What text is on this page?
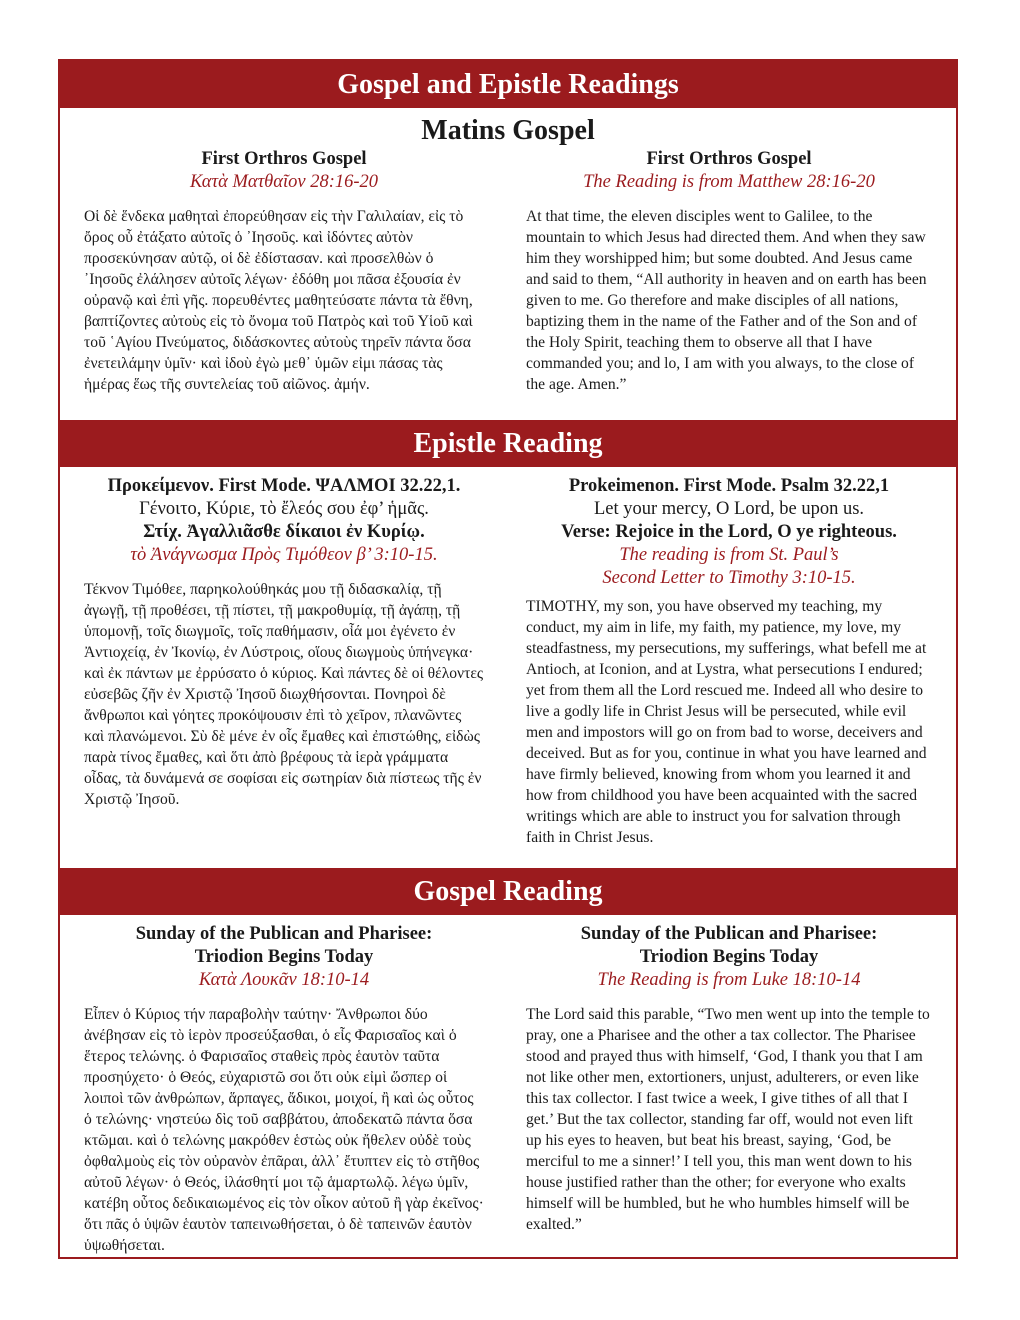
Gospel and Epistle Readings
Matins Gospel
First Orthros Gospel
Κατὰ Ματθαῖον 28:16-20
Οἱ δὲ ἕνδεκα μαθηταὶ ἐπορεύθησαν εἰς τὴν Γαλιλαίαν, εἰς τὸ ὄρος οὗ ἐτάξατο αὐτοῖς ὁ ᾿Ιησοῦς. καὶ ἰδόντες αὐτὸν προσεκύνησαν αὐτῷ, οἱ δὲ ἐδίστασαν. καὶ προσελθὼν ὁ ᾿Ιησοῦς ἐλάλησεν αὐτοῖς λέγων· ἐδόθη μοι πᾶσα ἐξουσία ἐν οὐρανῷ καὶ ἐπὶ γῆς. πορευθέντες μαθητεύσατε πάντα τὰ ἔθνη, βαπτίζοντες αὐτοὺς εἰς τὸ ὄνομα τοῦ Πατρὸς καὶ τοῦ Υἱοῦ καὶ τοῦ ῾Αγίου Πνεύματος, διδάσκοντες αὐτοὺς τηρεῖν πάντα ὅσα ἐνετειλάμην ὑμῖν· καὶ ἰδοὺ ἐγὼ μεθ᾿ ὑμῶν εἰμι πάσας τὰς ἡμέρας ἕως τῆς συντελείας τοῦ αἰῶνος. ἀμήν.
First Orthros Gospel
The Reading is from Matthew 28:16-20
At that time, the eleven disciples went to Galilee, to the mountain to which Jesus had directed them. And when they saw him they worshipped him; but some doubted. And Jesus came and said to them, “All authority in heaven and on earth has been given to me. Go therefore and make disciples of all nations, baptizing them in the name of the Father and of the Son and of the Holy Spirit, teaching them to observe all that I have commanded you; and lo, I am with you always, to the close of the age. Amen.”
Epistle Reading
Προκείμενον. First Mode. ΨΑΛΜΟΙ 32.22,1.
Γένοιτο, Κύριε, τὸ ἔλεός σου ἐφ’ ἡμᾶς.
Στίχ. Ἀγαλλιᾶσθε δίκαιοι ἐν Κυρίῳ.
τὸ Ἀνάγνωσμα Πρὸς Τιμόθεον β’ 3:10-15.
Τέκνον Τιμόθεε, παρηκολούθηκάς μου τῇ διδασκαλίᾳ, τῇ ἀγωγῇ, τῇ προθέσει, τῇ πίστει, τῇ μακροθυμίᾳ, τῇ ἀγάπῃ, τῇ ὑπομονῇ, τοῖς διωγμοῖς, τοῖς παθήμασιν, οἷά μοι ἐγένετο ἐν Ἀντιοχείᾳ, ἐν Ἰκονίῳ, ἐν Λύστροις, οἵους διωγμοὺς ὑπήνεγκα· καὶ ἐκ πάντων με ἐρρύσατο ὁ κύριος. Καὶ πάντες δὲ οἱ θέλοντες εὐσεβῶς ζῆν ἐν Χριστῷ Ἰησοῦ διωχθήσονται. Πονηροὶ δὲ ἄνθρωποι καὶ γόητες προκόψουσιν ἐπὶ τὸ χεῖρον, πλανῶντες καὶ πλανώμενοι. Σὺ δὲ μένε ἐν οἷς ἔμαθες καὶ ἐπιστώθης, εἰδὼς παρὰ τίνος ἔμαθες, καὶ ὅτι ἀπὸ βρέφους τὰ ἱερὰ γράμματα οἶδας, τὰ δυνάμενά σε σοφίσαι εἰς σωτηρίαν διὰ πίστεως τῆς ἐν Χριστῷ Ἰησοῦ.
Prokeimenon. First Mode. Psalm 32.22,1
Let your mercy, O Lord, be upon us.
Verse: Rejoice in the Lord, O ye righteous.
The reading is from St. Paul’s
Second Letter to Timothy 3:10-15.
TIMOTHY, my son, you have observed my teaching, my conduct, my aim in life, my faith, my patience, my love, my steadfastness, my persecutions, my sufferings, what befell me at Antioch, at Iconion, and at Lystra, what persecutions I endured; yet from them all the Lord rescued me. Indeed all who desire to live a godly life in Christ Jesus will be persecuted, while evil men and impostors will go on from bad to worse, deceivers and deceived. But as for you, continue in what you have learned and have firmly believed, knowing from whom you learned it and how from childhood you have been acquainted with the sacred writings which are able to instruct you for salvation through faith in Christ Jesus.
Gospel Reading
Sunday of the Publican and Pharisee:
Triodion Begins Today
Κατὰ Λουκᾶν 18:10-14
Εἶπεν ὁ Κύριος τήν παραβολὴν ταύτην· Ἄνθρωποι δύο ἀνέβησαν εἰς τὸ ἱερὸν προσεύξασθαι, ὁ εἷς Φαρισαῖος καὶ ὁ ἕτερος τελώνης. ὁ Φαρισαῖος σταθεὶς πρὸς ἑαυτὸν ταῦτα προσηύχετο· ὁ Θεός, εὐχαριστῶ σοι ὅτι οὐκ εἰμὶ ὥσπερ οἱ λοιποὶ τῶν ἀνθρώπων, ἅρπαγες, ἄδικοι, μοιχοί, ἢ καὶ ὡς οὗτος ὁ τελώνης· νηστεύω δὶς τοῦ σαββάτου, ἀποδεκατῶ πάντα ὅσα κτῶμαι. καὶ ὁ τελώνης μακρόθεν ἑστὼς οὐκ ἤθελεν οὐδὲ τοὺς ὀφθαλμοὺς εἰς τὸν οὐρανὸν ἐπᾶραι, ἀλλ᾿ ἔτυπτεν εἰς τὸ στῆθος αὐτοῦ λέγων· ὁ Θεός, ἱλάσθητί μοι τῷ ἁμαρτωλῷ. λέγω ὑμῖν, κατέβη οὗτος δεδικαιωμένος εἰς τὸν οἶκον αὐτοῦ ἢ γὰρ ἐκεῖνος· ὅτι πᾶς ὁ ὑψῶν ἑαυτὸν ταπεινωθήσεται, ὁ δὲ ταπεινῶν ἑαυτὸν ὑψωθήσεται.
Sunday of the Publican and Pharisee:
Triodion Begins Today
The Reading is from Luke 18:10-14
The Lord said this parable, “Two men went up into the temple to pray, one a Pharisee and the other a tax collector. The Pharisee stood and prayed thus with himself, ‘God, I thank you that I am not like other men, extortioners, unjust, adulterers, or even like this tax collector. I fast twice a week, I give tithes of all that I get.’ But the tax collector, standing far off, would not even lift up his eyes to heaven, but beat his breast, saying, ‘God, be merciful to me a sinner!’ I tell you, this man went down to his house justified rather than the other; for everyone who exalts himself will be humbled, but he who humbles himself will be exalted.”
